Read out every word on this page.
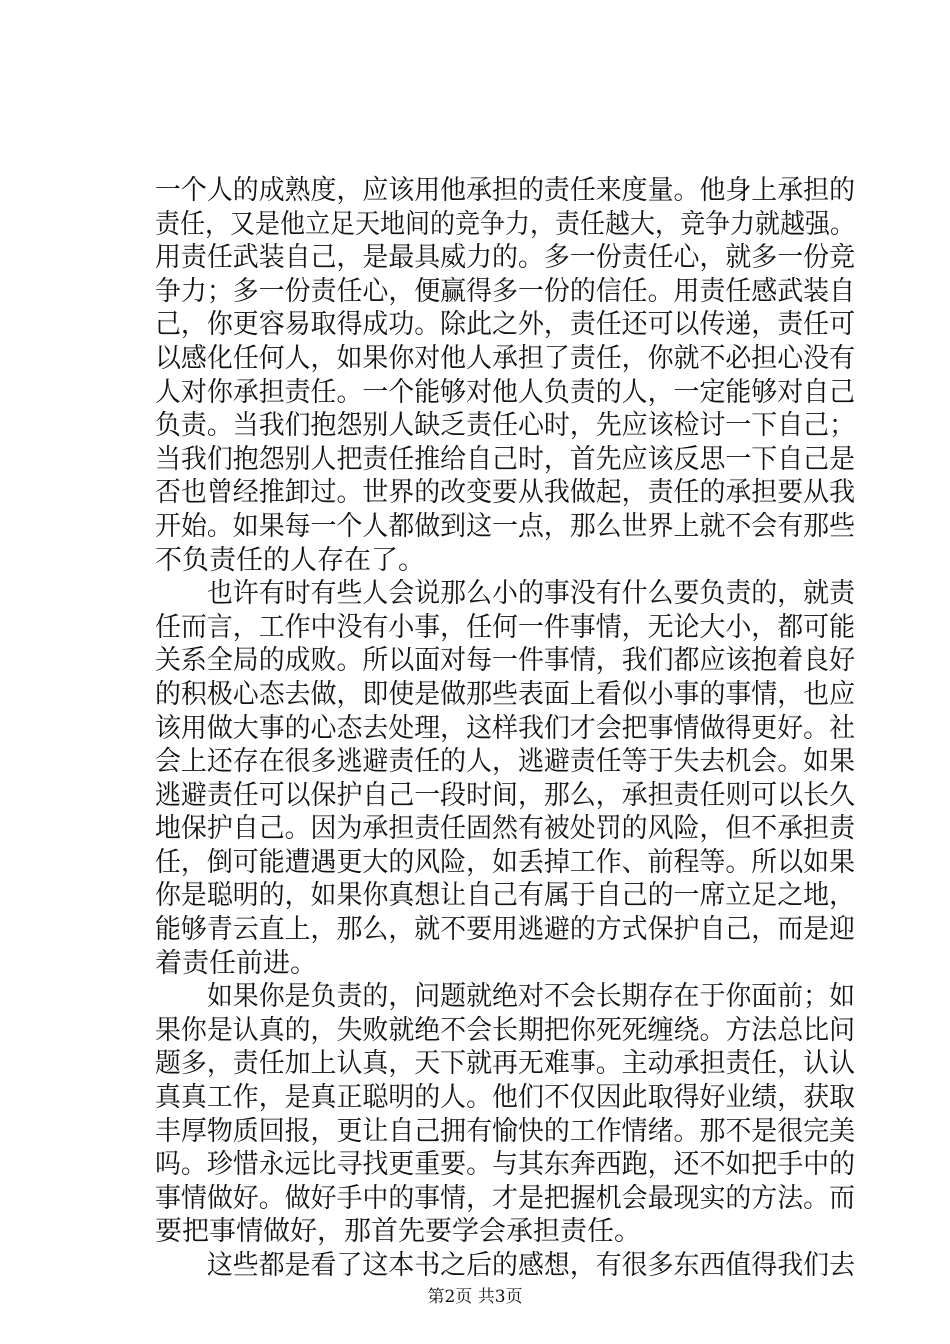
一个人的成熟度，应该用他承担的责任来度量。他身上承担的
责任，又是他立足天地间的竞争力，责任越大，竞争力就越强。
用责任武装自己，是最具威力的。多一份责任心，就多一份竞
争力；多一份责任心，便赢得多一份的信任。用责任感武装自
己，你更容易取得成功。除此之外，责任还可以传递，责任可
以感化任何人，如果你对他人承担了责任，你就不必担心没有
人对你承担责任。一个能够对他人负责的人，一定能够对自己
负责。当我们抱怨别人缺乏责任心时，先应该检讨一下自己；
当我们抱怨别人把责任推给自己时，首先应该反思一下自己是
否也曾经推卸过。世界的改变要从我做起，责任的承担要从我
开始。如果每一个人都做到这一点，那么世界上就不会有那些
不负责任的人存在了。
　　也许有时有些人会说那么小的事没有什么要负责的，就责
任而言，工作中没有小事，任何一件事情，无论大小，都可能
关系全局的成败。所以面对每一件事情，我们都应该抱着良好
的积极心态去做，即使是做那些表面上看似小事的事情，也应
该用做大事的心态去处理，这样我们才会把事情做得更好。社
会上还存在很多逃避责任的人，逃避责任等于失去机会。如果
逃避责任可以保护自己一段时间，那么，承担责任则可以长久
地保护自己。因为承担责任固然有被处罚的风险，但不承担责
任，倒可能遭遇更大的风险，如丢掉工作、前程等。所以如果
你是聪明的，如果你真想让自己有属于自己的一席立足之地，
能够青云直上，那么，就不要用逃避的方式保护自己，而是迎
着责任前进。
　　如果你是负责的，问题就绝对不会长期存在于你面前；如
果你是认真的，失败就绝不会长期把你死死缠绕。方法总比问
题多，责任加上认真，天下就再无难事。主动承担责任，认认
真真工作，是真正聪明的人。他们不仅因此取得好业绩，获取
丰厚物质回报，更让自己拥有愉快的工作情绪。那不是很完美
吗。珍惜永远比寻找更重要。与其东奔西跑，还不如把手中的
事情做好。做好手中的事情，才是把握机会最现实的方法。而
要把事情做好，那首先要学会承担责任。
　　这些都是看了这本书之后的感想，有很多东西值得我们去
第2页 共3页
